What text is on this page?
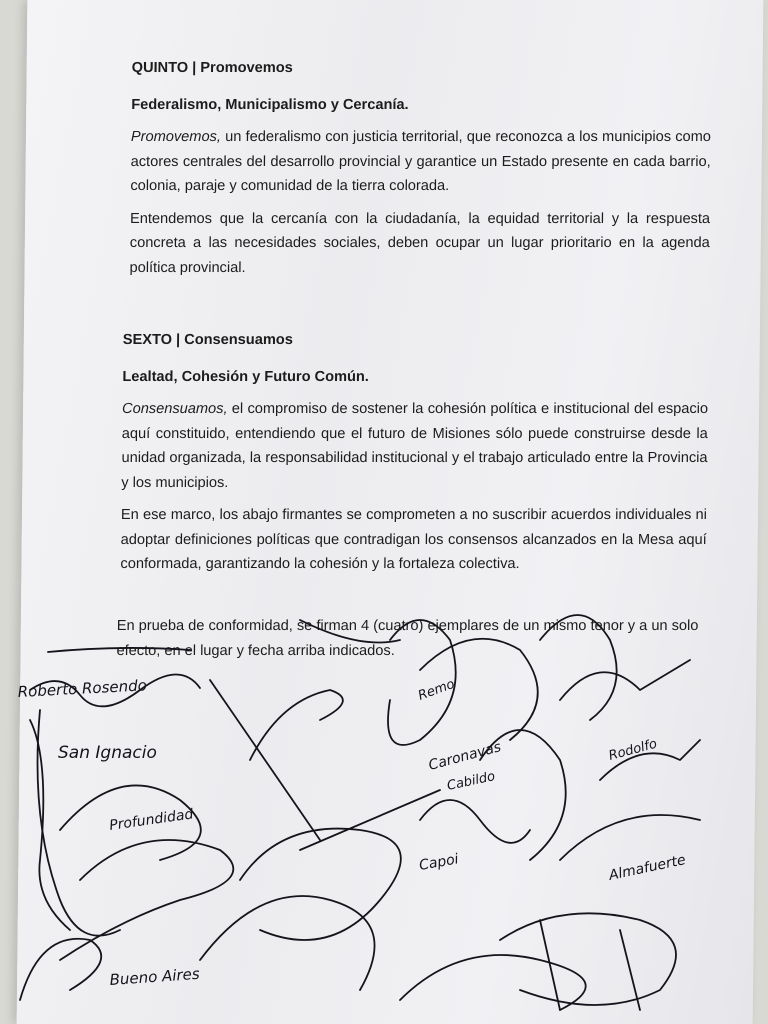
QUINTO | Promovemos
Federalismo, Municipalismo y Cercanía.

Promovemos, un federalismo con justicia territorial, que reconozca a los municipios como actores centrales del desarrollo provincial y garantice un Estado presente en cada barrio, colonia, paraje y comunidad de la tierra colorada.

Entendemos que la cercanía con la ciudadanía, la equidad territorial y la respuesta concreta a las necesidades sociales, deben ocupar un lugar prioritario en la agenda política provincial.

SEXTO | Consensuamos
Lealtad, Cohesión y Futuro Común.

Consensuamos, el compromiso de sostener la cohesión política e institucional del espacio aquí constituido, entendiendo que el futuro de Misiones sólo puede construirse desde la unidad organizada, la responsabilidad institucional y el trabajo articulado entre la Provincia y los municipios.

En ese marco, los abajo firmantes se comprometen a no suscribir acuerdos individuales ni adoptar definiciones políticas que contradigan los consensos alcanzados en la Mesa aquí conformada, garantizando la cohesión y la fortaleza colectiva.

En prueba de conformidad, se firman 4 (cuatro) ejemplares de un mismo tenor y a un solo efecto, en el lugar y fecha arriba indicados.
Roberto Rosendo
San Ignacio
Profundidad
Remo
Caronavas
Cabildo
Capoi	Almafuerte
Bueno Aires
Rodolfo
